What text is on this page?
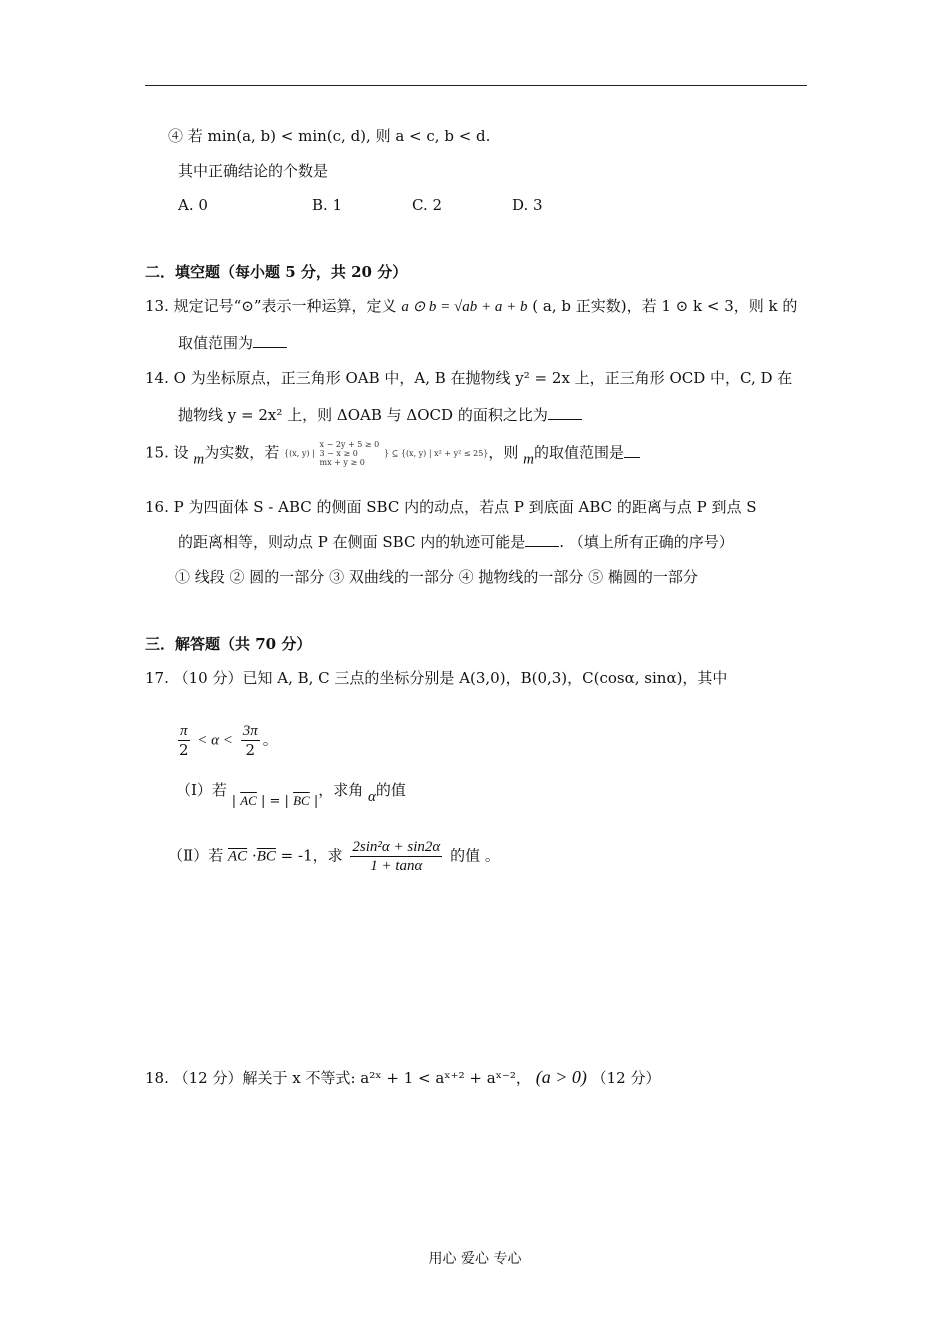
④ 若 min(a, b) < min(c, d), 则 a < c, b < d.
其中正确结论的个数是
A. 0	B. 1	C. 2	D. 3
二．填空题（每小题 5 分，共 20 分）
13. 规定记号“⊙”表示一种运算，定义 a ⊙ b = √ab + a + b ( a, b 正实数)，若 1 ⊙ k < 3，则 k 的
取值范围为
14. O 为坐标原点，正三角形 OAB 中，A, B 在抛物线 y² = 2x 上，正三角形 OCD 中，C, D 在
抛物线 y = 2x² 上，则 ΔOAB 与 ΔOCD 的面积之比为
15. 设 m为实数，若 {(x, y) |
x − 2y + 5 ≥ 0
3 − x ≥ 0
mx + y ≥ 0
} ⊆ {(x, y) | x² + y² ≤ 25}，则 m的取值范围是
16. P 为四面体 S - ABC 的侧面 SBC 内的动点，若点 P 到底面 ABC 的距离与点 P 到点 S
的距离相等，则动点 P 在侧面 SBC 内的轨迹可能是 . （填上所有正确的序号）
① 线段 ② 圆的一部分 ③ 双曲线的一部分 ④ 抛物线的一部分 ⑤ 椭圆的一部分
三．解答题（共 70 分）
17. （10 分）已知 A, B, C 三点的坐标分别是 A(3,0)，B(0,3)，C(cosα, sinα)，其中
$\frac{\pi}{2} < \alpha < \frac{3\pi}{2}$ 。
（Ⅰ）若 | $\overline{AC}$ | = | $\overline{BC}$ |，求角 α的值
（Ⅱ）若 $\overline{AC} \cdot\overline{BC} = -1$，求 $\frac{\text{2sin²α + sin2α}}{1 + \tan\alpha}$ 的值 。
18. （12 分）解关于 x 不等式: a²ˣ + 1 < aˣ⁺² + aˣ⁻²， (a > 0) （12 分）
用心 爱心 专心
